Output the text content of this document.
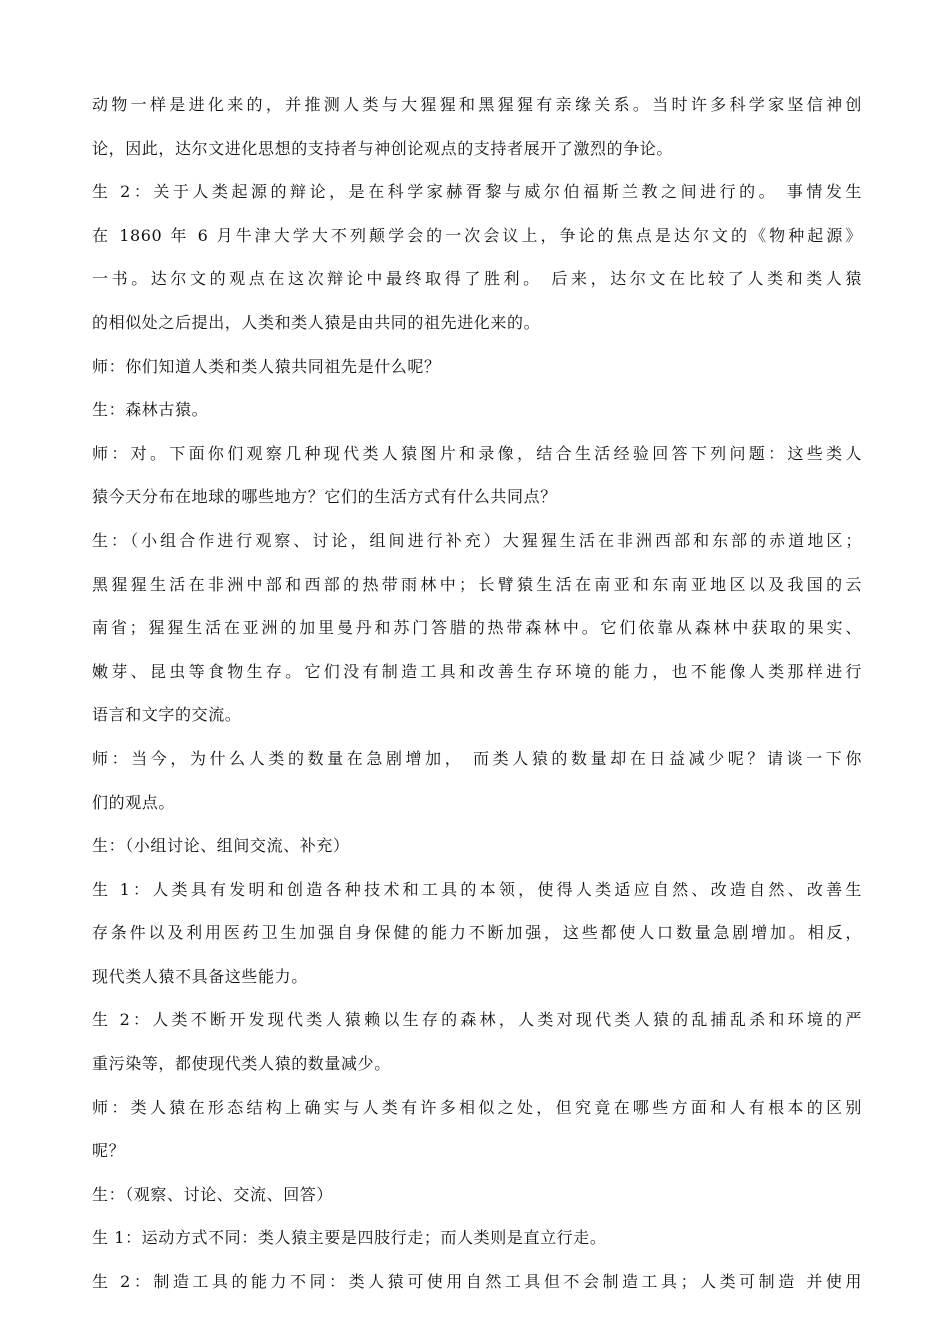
动物一样是进化来的，并推测人类与大猩猩和黑猩猩有亲缘关系。当时许多科学家坚信神创
论，因此，达尔文进化思想的支持者与神创论观点的支持者展开了激烈的争论。
生 2：关于人类起源的辩论，是在科学家赫胥黎与威尔伯福斯兰教之间进行的。 事情发生
在 1860 年 6 月牛津大学大不列颠学会的一次会议上，争论的焦点是达尔文的《物种起源》
一书。达尔文的观点在这次辩论中最终取得了胜利。 后来，达尔文在比较了人类和类人猿
的相似处之后提出，人类和类人猿是由共同的祖先进化来的。
师：你们知道人类和类人猿共同祖先是什么呢？
生：森林古猿。
师：对。下面你们观察几种现代类人猿图片和录像，结合生活经验回答下列问题：这些类人
猿今天分布在地球的哪些地方？它们的生活方式有什么共同点？
生：（小组合作进行观察、讨论，组间进行补充）大猩猩生活在非洲西部和东部的赤道地区；
黑猩猩生活在非洲中部和西部的热带雨林中；长臂猿生活在南亚和东南亚地区以及我国的云
南省；猩猩生活在亚洲的加里曼丹和苏门答腊的热带森林中。它们依靠从森林中获取的果实、
嫩芽、昆虫等食物生存。它们没有制造工具和改善生存环境的能力，也不能像人类那样进行
语言和文字的交流。
师：当今，为什么人类的数量在急剧增加， 而类人猿的数量却在日益减少呢？请谈一下你
们的观点。
生：（小组讨论、组间交流、补充）
生 1：人类具有发明和创造各种技术和工具的本领，使得人类适应自然、改造自然、改善生
存条件以及利用医药卫生加强自身保健的能力不断加强，这些都使人口数量急剧增加。相反，
现代类人猿不具备这些能力。
生 2：人类不断开发现代类人猿赖以生存的森林，人类对现代类人猿的乱捕乱杀和环境的严
重污染等，都使现代类人猿的数量减少。
师：类人猿在形态结构上确实与人类有许多相似之处，但究竟在哪些方面和人有根本的区别
呢？
生：（观察、讨论、交流、回答）
生 1：运动方式不同：类人猿主要是四肢行走；而人类则是直立行走。
生 2：制造工具的能力不同：类人猿可使用自然工具但不会制造工具；人类可制造 并使用
